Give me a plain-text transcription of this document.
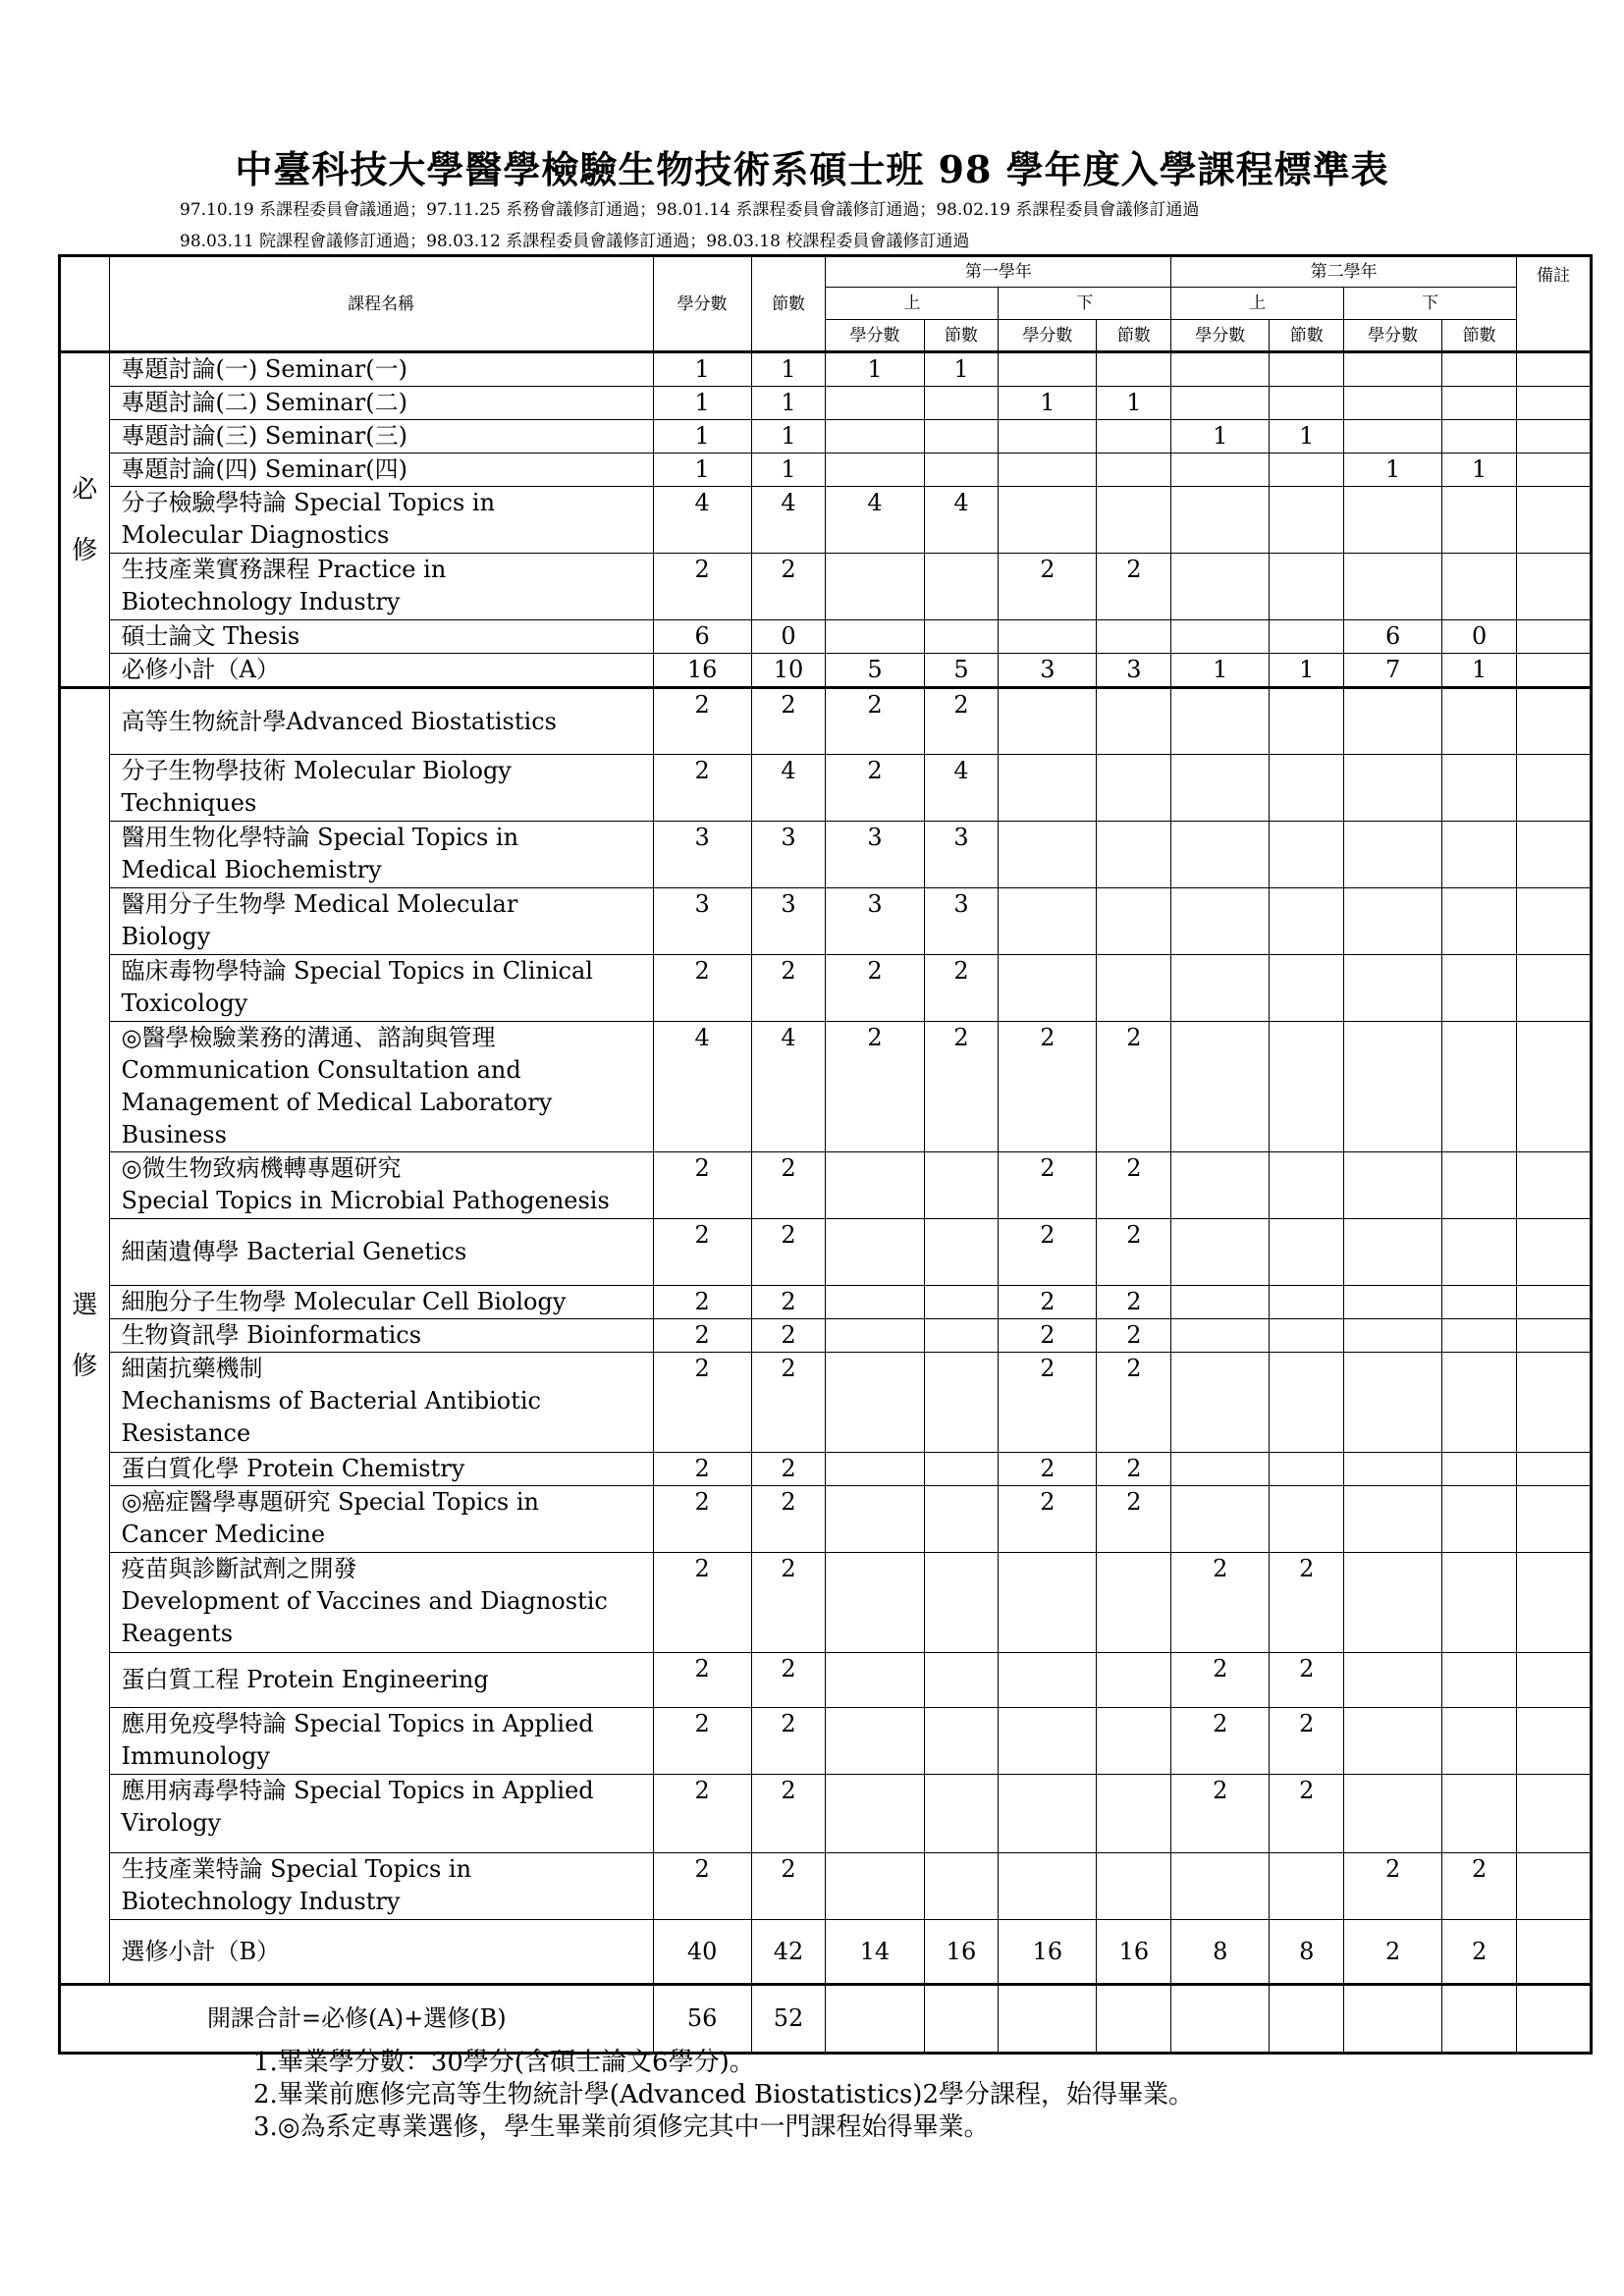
中臺科技大學醫學檢驗生物技術系碩士班 98 學年度入學課程標準表
97.10.19 系課程委員會議通過；97.11.25 系務會議修訂通過；98.01.14 系課程委員會議修訂通過；98.02.19 系課程委員會議修訂通過
98.03.11 院課程會議修訂通過；98.03.12 系課程委員會議修訂通過；98.03.18 校課程委員會議修訂通過
	課程名稱	學分數	節數	第一學年				第二學年				備註
				上		下		上		下		
				學分數	節數	學分數	節數	學分數	節數	學分數	節數	

必
修	專題討論(一) Seminar(一)	1	1	1	1							

	專題討論(二) Seminar(二)	1	1			1	1					

	專題討論(三) Seminar(三)	1	1					1	1			

	專題討論(四) Seminar(四)	1	1							1	1	

	分子檢驗學特論 Special Topics in
Molecular Diagnostics	4	4	4	4							

	生技產業實務課程 Practice in
Biotechnology Industry	2	2			2	2					

	碩士論文 Thesis	6	0							6	0	

	必修小計（A）	16	10	5	5	3	3	1	1	7	1	

選
修	高等生物統計學Advanced Biostatistics	2	2	2	2							

	分子生物學技術 Molecular Biology
Techniques	2	4	2	4							

	醫用生物化學特論 Special Topics in
Medical Biochemistry	3	3	3	3							

	醫用分子生物學 Medical Molecular
Biology	3	3	3	3							

	臨床毒物學特論 Special Topics in Clinical
Toxicology	2	2	2	2							

	◎醫學檢驗業務的溝通、諮詢與管理
Communication Consultation and
Management of Medical Laboratory Business	4	4	2	2	2	2					

	◎微生物致病機轉專題研究
Special Topics in Microbial Pathogenesis	2	2			2	2					

	細菌遺傳學 Bacterial Genetics	2	2			2	2					

	細胞分子生物學 Molecular Cell Biology	2	2			2	2					

	生物資訊學 Bioinformatics	2	2			2	2					

	細菌抗藥機制
Mechanisms of Bacterial Antibiotic
Resistance	2	2			2	2					

	蛋白質化學 Protein Chemistry	2	2			2	2					

	◎癌症醫學專題研究 Special Topics in
Cancer Medicine	2	2			2	2					

	疫苗與診斷試劑之開發
Development of Vaccines and Diagnostic
Reagents	2	2					2	2			

	蛋白質工程 Protein Engineering	2	2					2	2			

	應用免疫學特論 Special Topics in Applied
Immunology	2	2					2	2			

	應用病毒學特論 Special Topics in Applied
Virology	2	2					2	2			

	生技產業特論 Special Topics in
Biotechnology Industry	2	2							2	2	

	選修小計（B）	40	42	14	16	16	16	8	8	2	2	
開課合計=必修(A)+選修(B)		56	52									
1.畢業學分數：30學分(含碩士論文6學分)。
2.畢業前應修完高等生物統計學(Advanced Biostatistics)2學分課程，始得畢業。
3.◎為系定專業選修，學生畢業前須修完其中一門課程始得畢業。
